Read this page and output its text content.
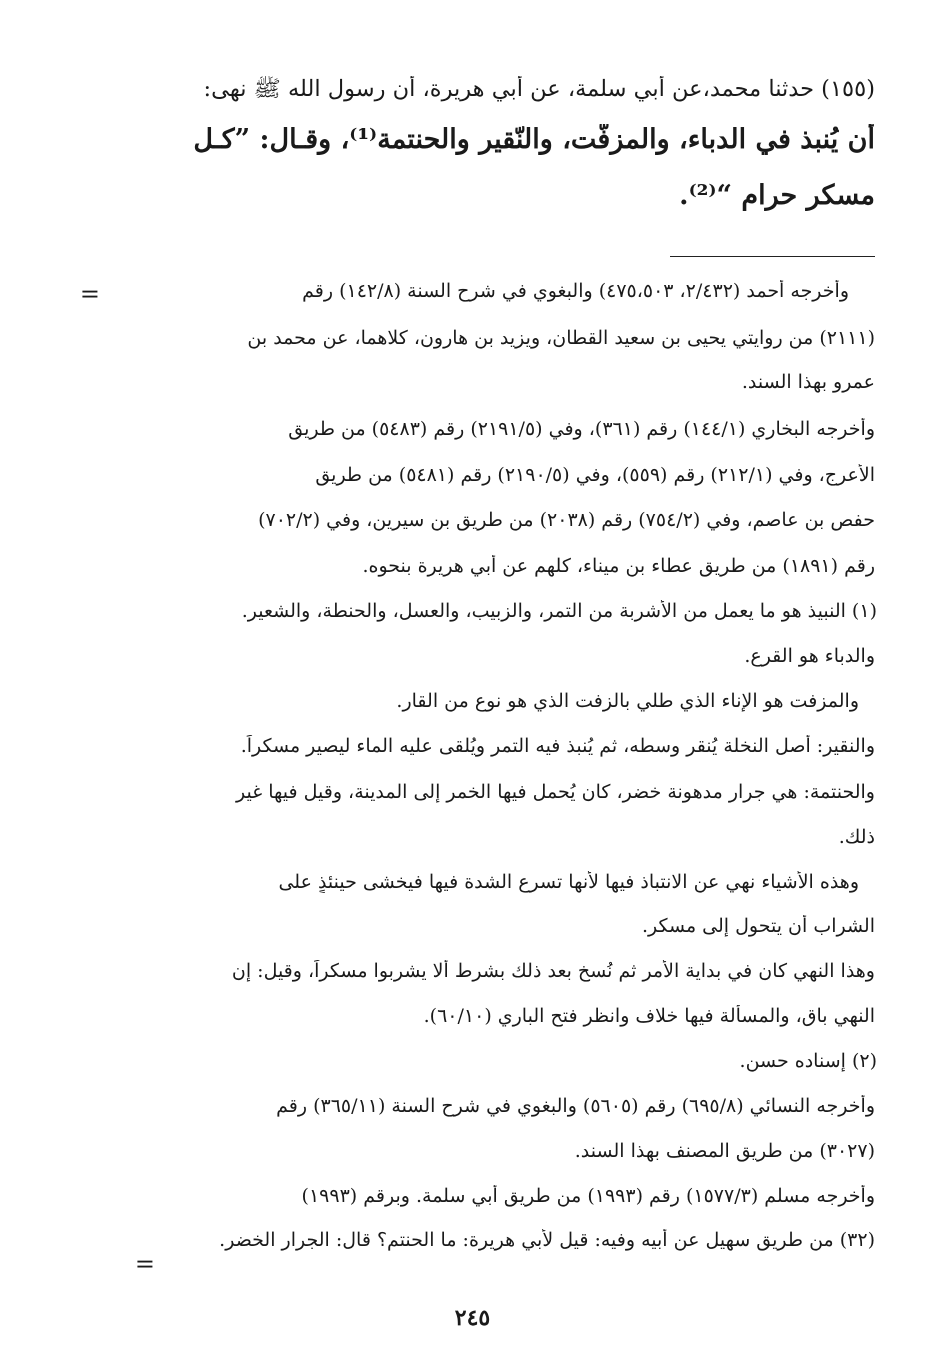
(١٥٥) حدثنا محمد،عن أبي سلمة، عن أبي هريرة، أن رسول الله ﷺ نهى:
أن يُنبذ في الدباء، والمزفّت، والنّقير والحنتمة⁽¹⁾، وقـال: ”كـل
مسكر حرام “⁽²⁾.
=	وأخرجه أحمد (٢/٤٣٢، ٤٧٥،٥٠٣) والبغوي في شرح السنة (١٤٢/٨) رقم
(٢١١١) من روايتي يحيى بن سعيد القطان، ويزيد بن هارون، كلاهما، عن محمد بن
عمرو بهذا السند.
وأخرجه البخاري (١٤٤/١) رقم (٣٦١)، وفي (٢١٩١/٥) رقم (٥٤٨٣) من طريق
الأعرج، وفي (٢١٢/١) رقم (٥٥٩)، وفي (٢١٩٠/٥) رقم (٥٤٨١) من طريق
حفص بن عاصم، وفي (٧٥٤/٢) رقم (٢٠٣٨) من طريق بن سيرين، وفي (٧٠٢/٢)
رقم (١٨٩١) من طريق عطاء بن ميناء، كلهم عن أبي هريرة بنحوه.
(١) النبيذ هو ما يعمل من الأشربة من التمر، والزبيب، والعسل، والحنطة، والشعير.
والدباء هو القرع.
والمزفت هو الإناء الذي طلي بالزفت الذي هو نوع من القار.
والنقير: أصل النخلة يُنقر وسطه، ثم يُنبذ فيه التمر ويُلقى عليه الماء ليصير مسكراً.
والحنتمة: هي جرار مدهونة خضر، كان يُحمل فيها الخمر إلى المدينة، وقيل فيها غير
ذلك.
وهذه الأشياء نهي عن الانتباذ فيها لأنها تسرع الشدة فيها فيخشى حينئذٍ على
الشراب أن يتحول إلى مسكر.
وهذا النهي كان في بداية الأمر ثم نُسخ بعد ذلك بشرط ألا يشربوا مسكراً، وقيل: إن
النهي باق، والمسألة فيها خلاف وانظر فتح الباري (٦٠/١٠).
(٢) إسناده حسن.
وأخرجه النسائي (٦٩٥/٨) رقم (٥٦٠٥) والبغوي في شرح السنة (٣٦٥/١١) رقم
(٣٠٢٧) من طريق المصنف بهذا السند.
وأخرجه مسلم (١٥٧٧/٣) رقم (١٩٩٣) من طريق أبي سلمة. وبرقم (١٩٩٣)
(٣٢) من طريق سهيل عن أبيه وفيه: قيل لأبي هريرة: ما الحنتم؟ قال: الجرار الخضر.
=
٢٤٥
